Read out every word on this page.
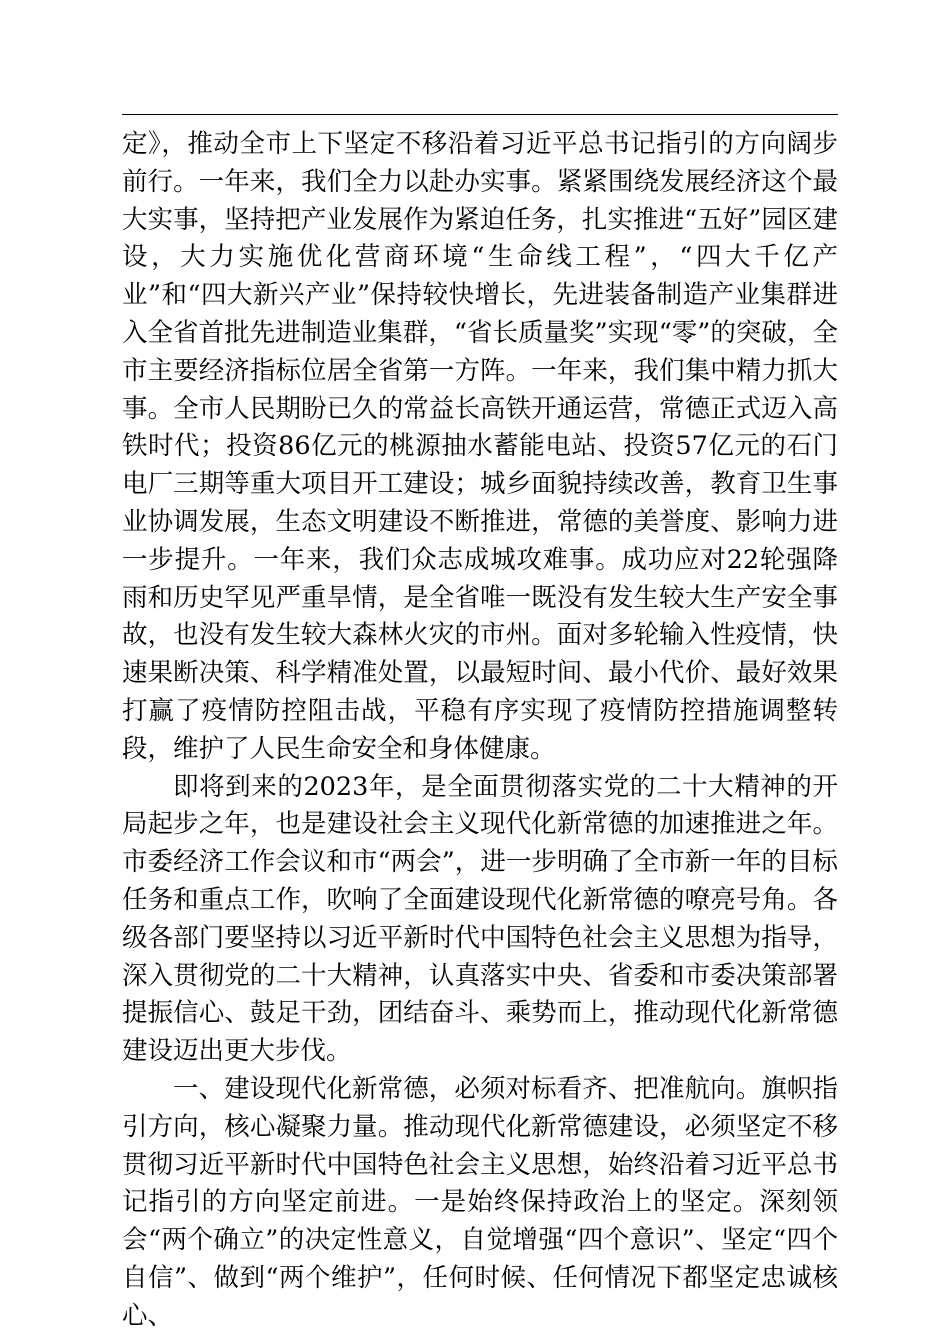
定》，推动全市上下坚定不移沿着习近平总书记指引的方向阔步前行。一年来，我们全力以赴办实事。紧紧围绕发展经济这个最大实事，坚持把产业发展作为紧迫任务，扎实推进“五好”园区建设，大力实施优化营商环境“生命线工程”，“四大千亿产业”和“四大新兴产业”保持较快增长，先进装备制造产业集群进入全省首批先进制造业集群，“省长质量奖”实现“零”的突破，全市主要经济指标位居全省第一方阵。一年来，我们集中精力抓大事。全市人民期盼已久的常益长高铁开通运营，常德正式迈入高铁时代；投资86亿元的桃源抽水蓄能电站、投资57亿元的石门电厂三期等重大项目开工建设；城乡面貌持续改善，教育卫生事业协调发展，生态文明建设不断推进，常德的美誉度、影响力进一步提升。一年来，我们众志成城攻难事。成功应对22轮强降雨和历史罕见严重旱情，是全省唯一既没有发生较大生产安全事故，也没有发生较大森林火灾的市州。面对多轮输入性疫情，快速果断决策、科学精准处置，以最短时间、最小代价、最好效果打赢了疫情防控阻击战，平稳有序实现了疫情防控措施调整转段，维护了人民生命安全和身体健康。

即将到来的2023年，是全面贯彻落实党的二十大精神的开局起步之年，也是建设社会主义现代化新常德的加速推进之年。市委经济工作会议和市“两会”，进一步明确了全市新一年的目标任务和重点工作，吹响了全面建设现代化新常德的嘹亮号角。各级各部门要坚持以习近平新时代中国特色社会主义思想为指导，深入贯彻党的二十大精神，认真落实中央、省委和市委决策部署提振信心、鼓足干劲，团结奋斗、乘势而上，推动现代化新常德建设迈出更大步伐。

一、建设现代化新常德，必须对标看齐、把准航向。旗帜指引方向，核心凝聚力量。推动现代化新常德建设，必须坚定不移贯彻习近平新时代中国特色社会主义思想，始终沿着习近平总书记指引的方向坚定前进。一是始终保持政治上的坚定。深刻领会“两个确立”的决定性意义，自觉增强“四个意识”、坚定“四个自信”、做到“两个维护”，任何时候、任何情况下都坚定忠诚核心、
